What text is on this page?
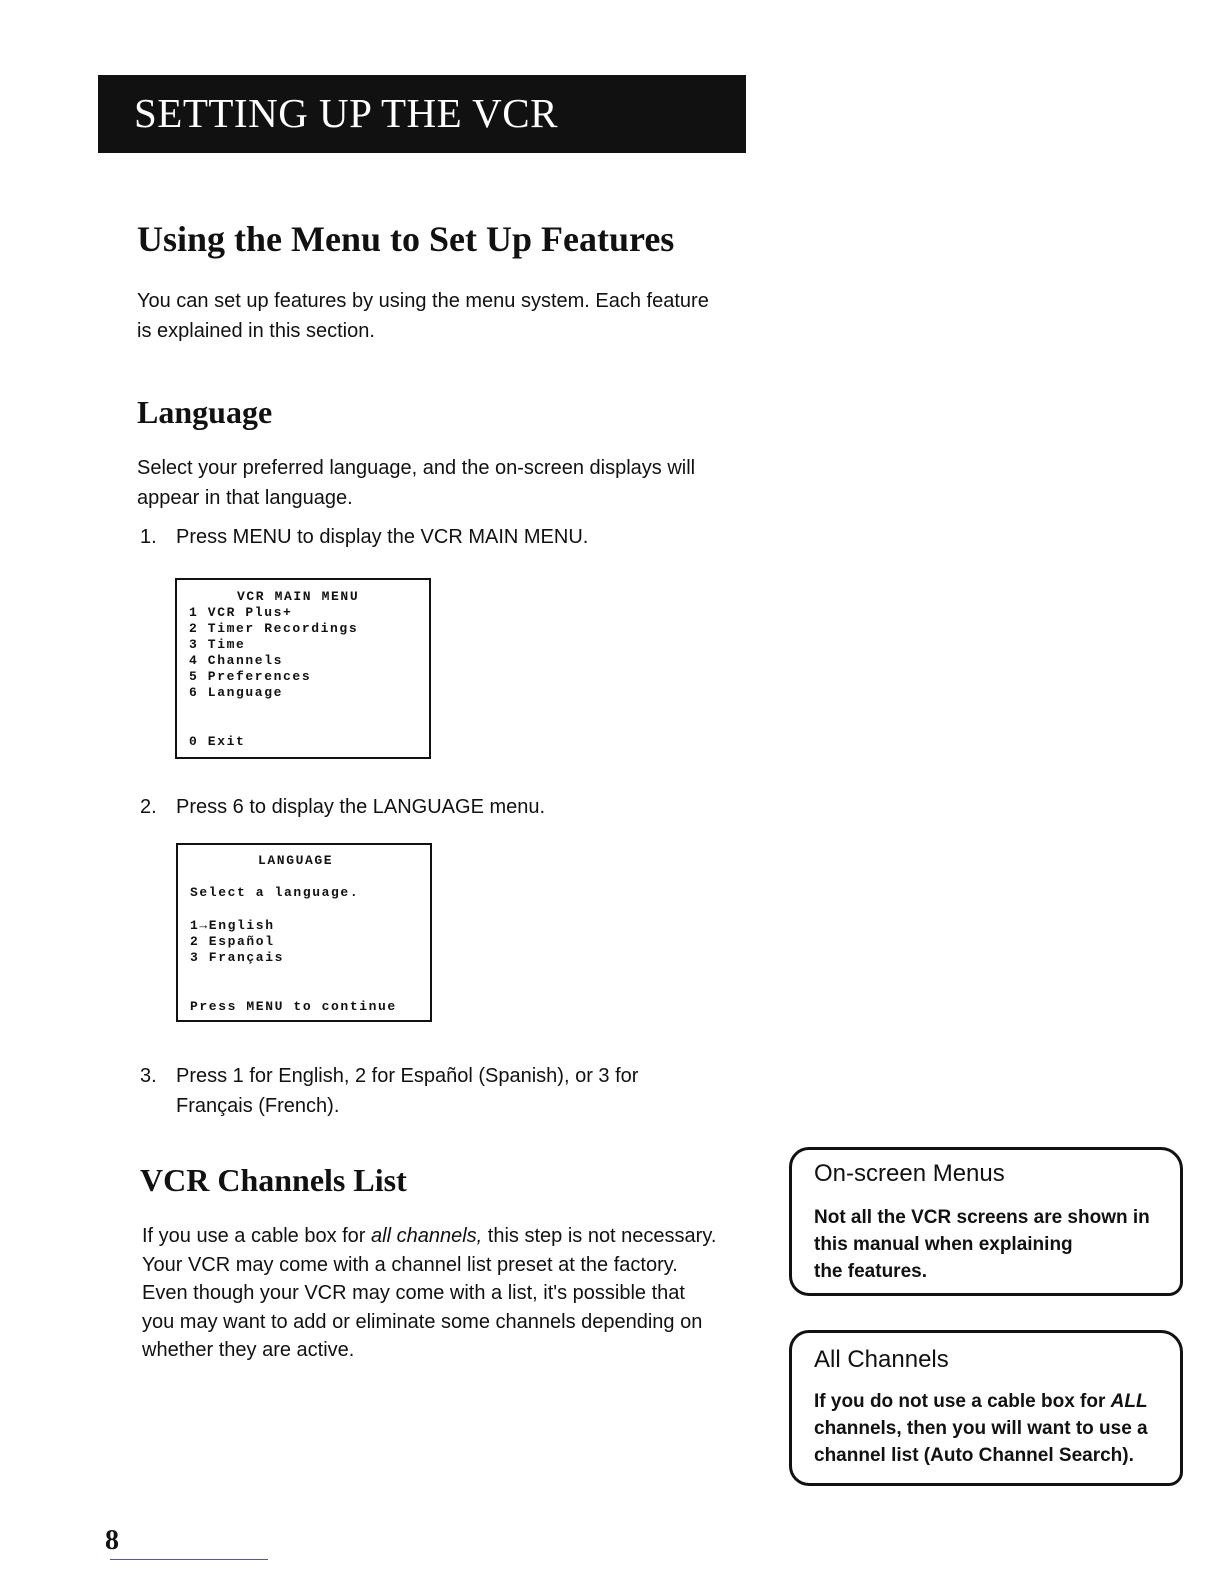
SETTING UP THE VCR
Using the Menu to Set Up Features
You can set up features by using the menu system. Each feature
is explained in this section.
Language
Select your preferred language, and the on-screen displays will
appear in that language.
1. Press MENU to display the VCR MAIN MENU.
VCR MAIN MENU
1 VCR Plus+
2 Timer Recordings
3 Time
4 Channels
5 Preferences
6 Language
0 Exit
2. Press 6 to display the LANGUAGE menu.
LANGUAGE
Select a language.
1→English
2 Español
3 Français
Press MENU to continue
3. Press 1 for English, 2 for Español (Spanish), or 3 for
Français (French).
VCR Channels List
If you use a cable box for all channels, this step is not necessary.
Your VCR may come with a channel list preset at the factory.
Even though your VCR may come with a list, it's possible that
you may want to add or eliminate some channels depending on
whether they are active.
On-screen Menus
Not all the VCR screens are shown in
this manual when explaining
the features.
All Channels
If you do not use a cable box for ALL
channels, then you will want to use a
channel list (Auto Channel Search).
8
